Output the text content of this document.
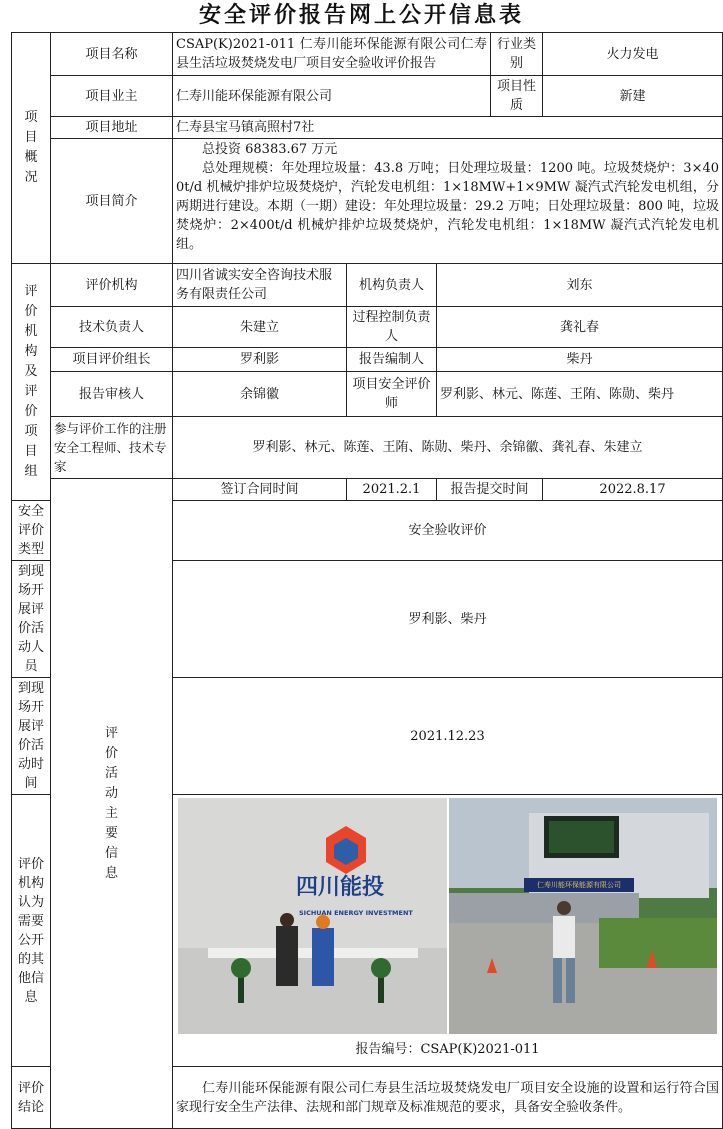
安全评价报告网上公开信息表
项目概况	项目名称	CSAP(K)2021-011 仁寿川能环保能源有限公司仁寿县生活垃圾焚烧发电厂项目安全验收评价报告			行业类别	火力发电
	项目业主	仁寿川能环保能源有限公司			项目性质	新建
	项目地址	仁寿县宝马镇高照村7社				
	项目简介	总投资 68383.67 万元
总处理规模：年处理垃圾量：43.8 万吨；日处理垃圾量：1200 吨。垃圾焚烧炉：3×400t/d 机械炉排炉垃圾焚烧炉，汽轮发电机组：1×18MW+1×9MW 凝汽式汽轮发电机组，分两期进行建设。本期（一期）建设：年处理垃圾量：29.2 万吨；日处理垃圾量：800 吨，垃圾焚烧炉：2×400t/d 机械炉排炉垃圾焚烧炉，汽轮发电机组：1×18MW 凝汽式汽轮发电机组。				

评价机构及评价项目组	评价机构	四川省诚实安全咨询技术服务有限责任公司	机构负责人	刘东		
	技术负责人	朱建立	过程控制负责人	龚礼春		
	项目评价组长	罗利影	报告编制人	柴丹		
	报告审核人	余锦徽	项目安全评价师	罗利影、林元、陈莲、王陏、陈勋、柴丹		
	参与评价工作的注册安全工程师、技术专家	罗利影、林元、陈莲、王陏、陈勋、柴丹、余锦徽、龚礼春、朱建立				
	评价活动主要信息	签订合同时间	2021.2.1	报告提交时间		2022.8.17
安全评价类型		安全验收评价				
到现场开展评价活动人员		罗利影、柴丹				
到现场开展评价活动时间		2021.12.23				
评价机构认为需要公开的其他信息		四川能投
SICHUAN ENERGY INVESTMENT
仁寿川能环保能源有限公司
报告编号：CSAP(K)2021-011				

评价结论		仁寿川能环保能源有限公司仁寿县生活垃圾焚烧发电厂项目安全设施的设置和运行符合国家现行安全生产法律、法规和部门规章及标准规范的要求，具备安全验收条件。				
